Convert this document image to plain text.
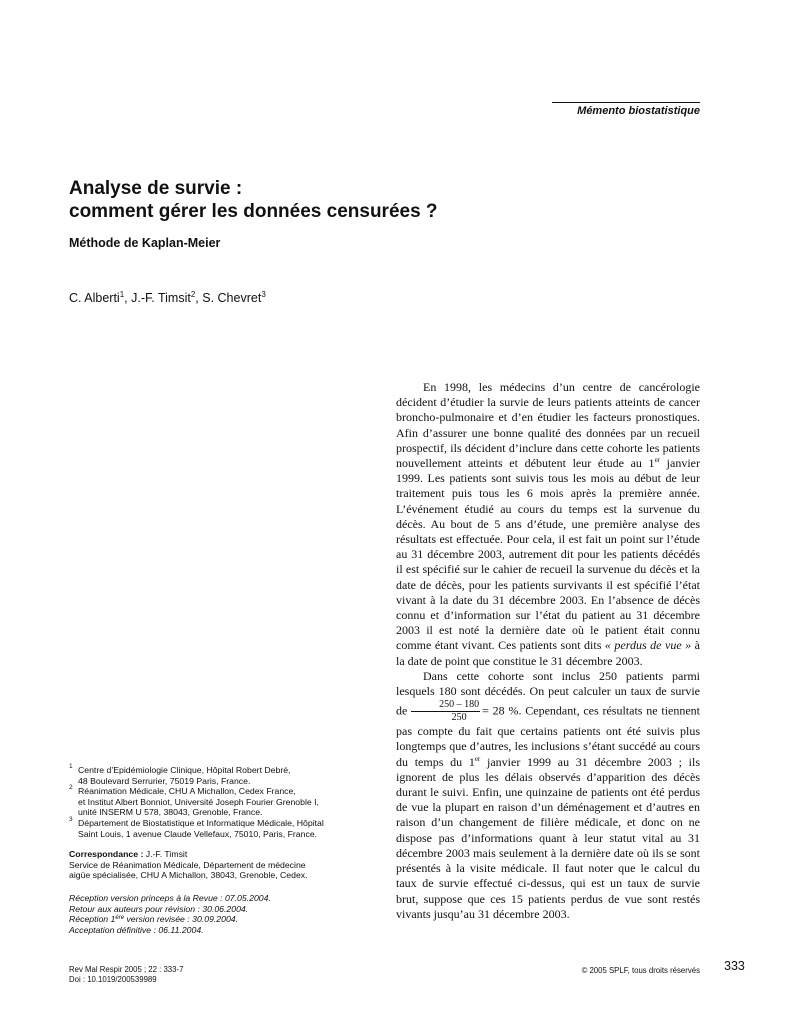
Mémento biostatistique
Analyse de survie :
comment gérer les données censurées ?
Méthode de Kaplan-Meier
C. Alberti$^1$, J.-F. Timsit$^2$, S. Chevret$^3$

En 1998, les médecins d’un centre de cancérologie décident d’étudier la survie de leurs patients atteints de cancer broncho-pulmonaire et d’en étudier les facteurs pronostiques. Afin d’assurer une bonne qualité des données par un recueil prospectif, ils décident d’inclure dans cette cohorte les patients nouvellement atteints et débutent leur étude au 1er janvier 1999. Les patients sont suivis tous les mois au début de leur traitement puis tous les 6 mois après la première année. L’événement étudié au cours du temps est la survenue du décès. Au bout de 5 ans d’étude, une première analyse des résultats est effectuée. Pour cela, il est fait un point sur l’étude au 31 décembre 2003, autrement dit pour les patients décédés il est spécifié sur le cahier de recueil la survenue du décès et la date de décès, pour les patients survivants il est spécifié l’état vivant à la date du 31 décembre 2003. En l’absence de décès connu et d’information sur l’état du patient au 31 décembre 2003 il est noté la dernière date où le patient était connu comme étant vivant. Ces patients sont dits « perdus de vue » à la date de point que constitue le 31 décembre 2003.

Dans cette cohorte sont inclus 250 patients parmi lesquels 180 sont décédés. On peut calculer un taux de survie de $\frac{250 - 180}{250} = 28$ %. Cependant, ces résultats ne tiennent pas compte du fait que certains patients ont été suivis plus longtemps que d’autres, les inclusions s’étant succédé au cours du temps du 1er janvier 1999 au 31 décembre 2003 ; ils ignorent de plus les délais observés d’apparition des décès durant le suivi. Enfin, une quinzaine de patients ont été perdus de vue la plupart en raison d’un déménagement et d’autres en raison d’un changement de filière médicale, et donc on ne dispose pas d’informations quant à leur statut vital au 31 décembre 2003 mais seulement à la dernière date où ils se sont présentés à la visite médicale. Il faut noter que le calcul du taux de survie effectué ci-dessus, qui est un taux de survie brut, suppose que ces 15 patients perdus de vue sont restés vivants jusqu’au 31 décembre 2003.

1 Centre d’Epidémiologie Clinique, Hôpital Robert Debré,
48 Boulevard Serrurier, 75019 Paris, France.
2 Réanimation Médicale, CHU A Michallon, Cedex France,
et Institut Albert Bonniot, Université Joseph Fourier Grenoble I,
unité INSERM U 578, 38043, Grenoble, France.
3 Département de Biostatistique et Informatique Médicale, Hôpital
Saint Louis, 1 avenue Claude Vellefaux, 75010, Paris, France.
Correspondance : J.-F. Timsit
Service de Réanimation Médicale, Département de médecine
aigüe spécialisée, CHU A Michallon, 38043, Grenoble, Cedex.
Réception version princeps à la Revue : 07.05.2004.
Retour aux auteurs pour révision : 30.06.2004.
Réception 1ère version revisée : 30.09.2004.
Acceptation définitive : 06.11.2004.
Rev Mal Respir 2005 ; 22 : 333-7
Doi : 10.1019/200539989
© 2005 SPLF, tous droits réservés 333
